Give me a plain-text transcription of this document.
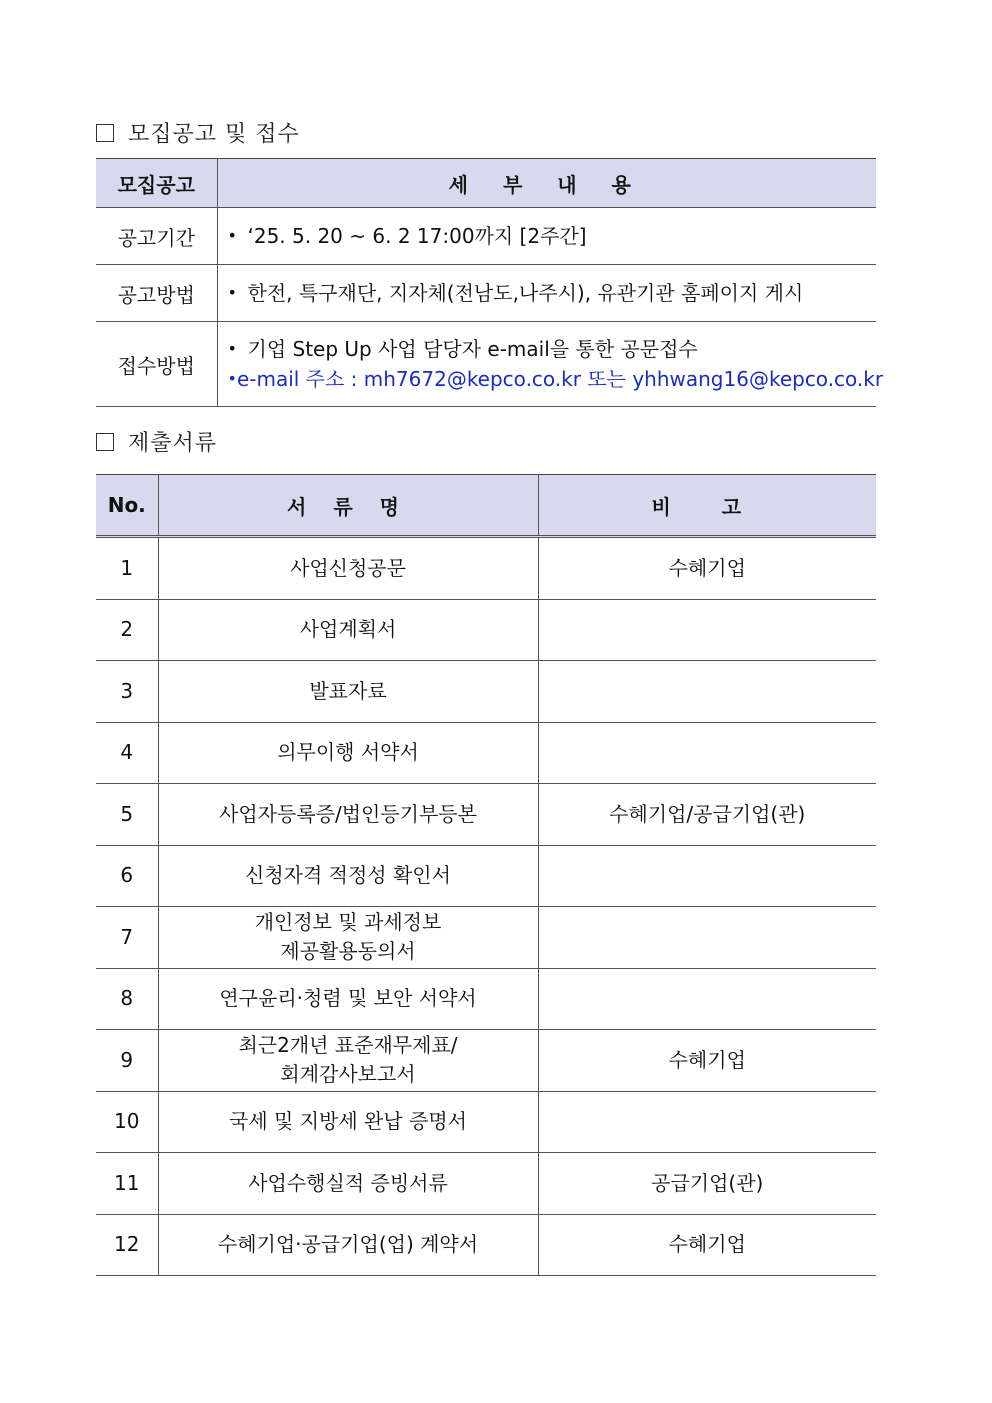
모집공고 및 접수
모집공고	세 부 내 용
공고기간	• ‘25. 5. 20 ~ 6. 2 17:00까지 [2주간]

공고방법	• 한전, 특구재단, 지자체(전남도,나주시), 유관기관 홈페이지 게시

접수방법	• 기업 Step Up 사업 담당자 e-mail을 통한 공문접수
• e-mail 주소 : mh7672@kepco.co.kr 또는 yhhwang16@kepco.co.kr
제출서류
No.	서 류 명	비 고
1	사업신청공문	수혜기업
2	사업계획서	

3	발표자료	

4	의무이행 서약서	

5	사업자등록증/법인등기부등본	수혜기업/공급기업(관)
6	신청자격 적정성 확인서	

7	개인정보 및 과세정보
제공활용동의서	

8	연구윤리·청렴 및 보안 서약서	

9	최근2개년 표준재무제표/
회계감사보고서	수혜기업
10	국세 및 지방세 완납 증명서	

11	사업수행실적 증빙서류	공급기업(관)
12	수혜기업·공급기업(업) 계약서	수혜기업
